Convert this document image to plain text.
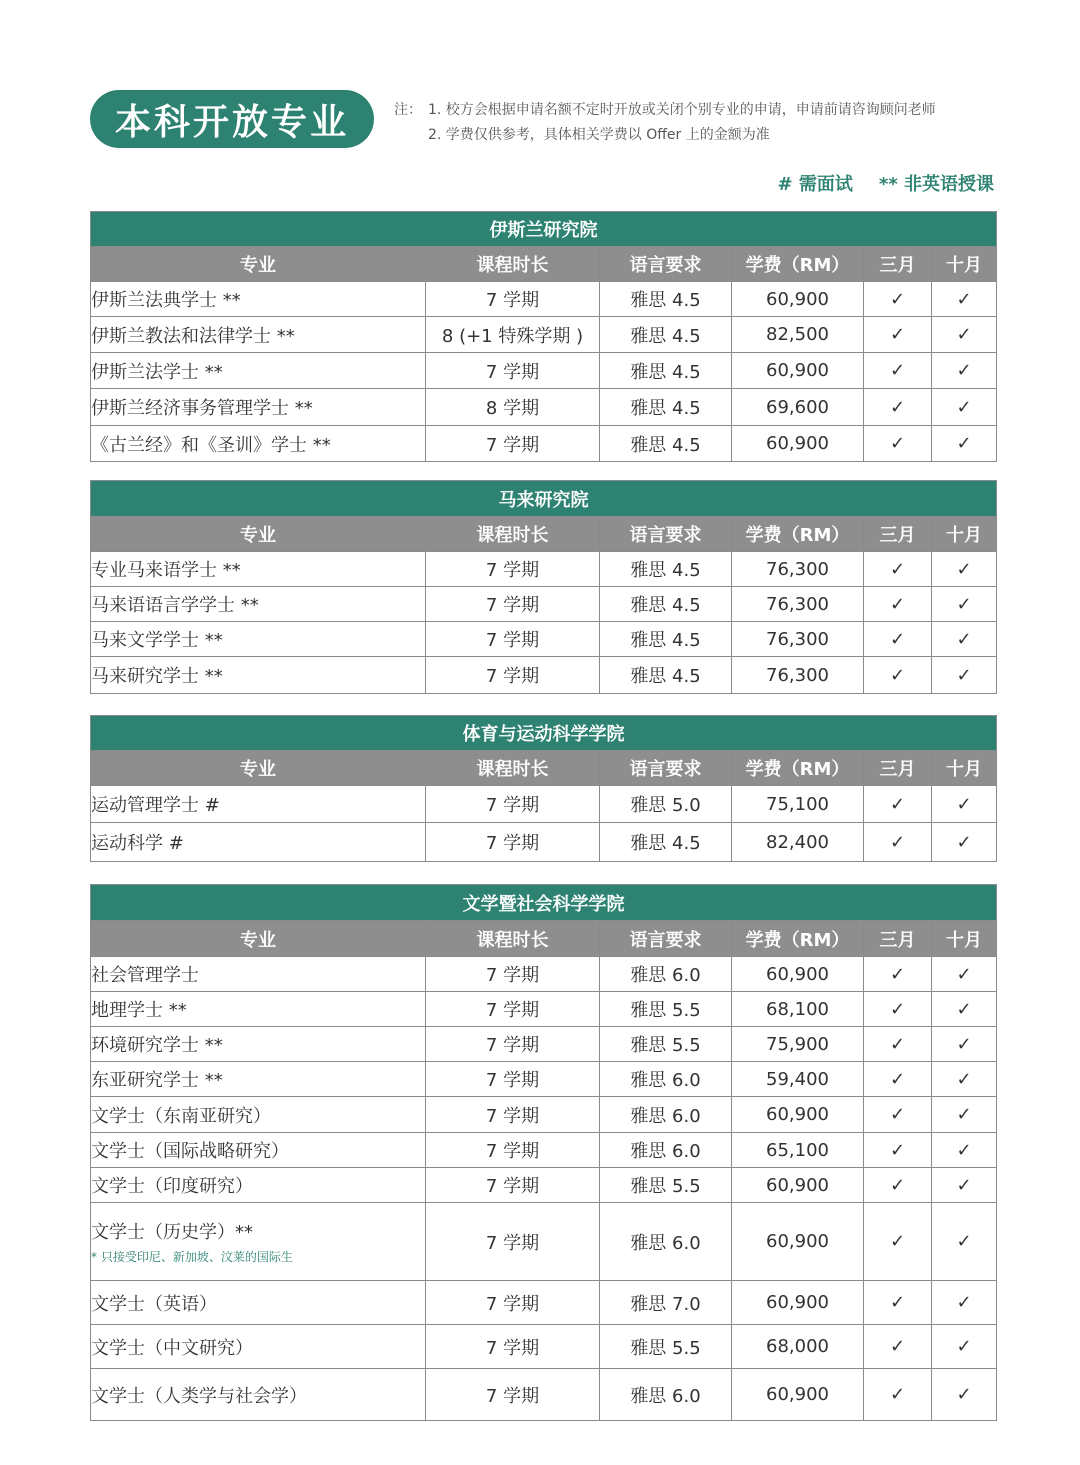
本科开放专业	注： 1. 校方会根据申请名额不定时开放或关闭个别专业的申请，申请前请咨询顾问老师
2. 学费仅供参考，具体相关学费以 Offer 上的金额为准
# 需面试 ** 非英语授课
伊斯兰研究院					
专业	课程时长	语言要求	学费（RM）	三月	十月

伊斯兰法典学士 **	7 学期	雅思 4.5	60,900	✓	✓

伊斯兰教法和法律学士 **	8 (+1 特殊学期 )	雅思 4.5	82,500	✓	✓

伊斯兰法学士 **	7 学期	雅思 4.5	60,900	✓	✓

伊斯兰经济事务管理学士 **	8 学期	雅思 4.5	69,600	✓	✓

《古兰经》和《圣训》学士 **	7 学期	雅思 4.5	60,900	✓	✓
马来研究院					
专业	课程时长	语言要求	学费（RM）	三月	十月

专业马来语学士 **	7 学期	雅思 4.5	76,300	✓	✓

马来语语言学学士 **	7 学期	雅思 4.5	76,300	✓	✓

马来文学学士 **	7 学期	雅思 4.5	76,300	✓	✓

马来研究学士 **	7 学期	雅思 4.5	76,300	✓	✓
体育与运动科学学院					
专业	课程时长	语言要求	学费（RM）	三月	十月

运动管理学士 #	7 学期	雅思 5.0	75,100	✓	✓

运动科学 #	7 学期	雅思 4.5	82,400	✓	✓
文学暨社会科学学院					
专业	课程时长	语言要求	学费（RM）	三月	十月

社会管理学士	7 学期	雅思 6.0	60,900	✓	✓

地理学士 **	7 学期	雅思 5.5	68,100	✓	✓

环境研究学士 **	7 学期	雅思 5.5	75,900	✓	✓

东亚研究学士 **	7 学期	雅思 6.0	59,400	✓	✓

文学士（东南亚研究）	7 学期	雅思 6.0	60,900	✓	✓

文学士（国际战略研究）	7 学期	雅思 6.0	65,100	✓	✓

文学士（印度研究）	7 学期	雅思 5.5	60,900	✓	✓

文学士（历史学）**
* 只接受印尼、新加坡、汶莱的国际生	7 学期	雅思 6.0	60,900	✓	✓

文学士（英语）	7 学期	雅思 7.0	60,900	✓	✓

文学士（中文研究）	7 学期	雅思 5.5	68,000	✓	✓

文学士（人类学与社会学）	7 学期	雅思 6.0	60,900	✓	✓
